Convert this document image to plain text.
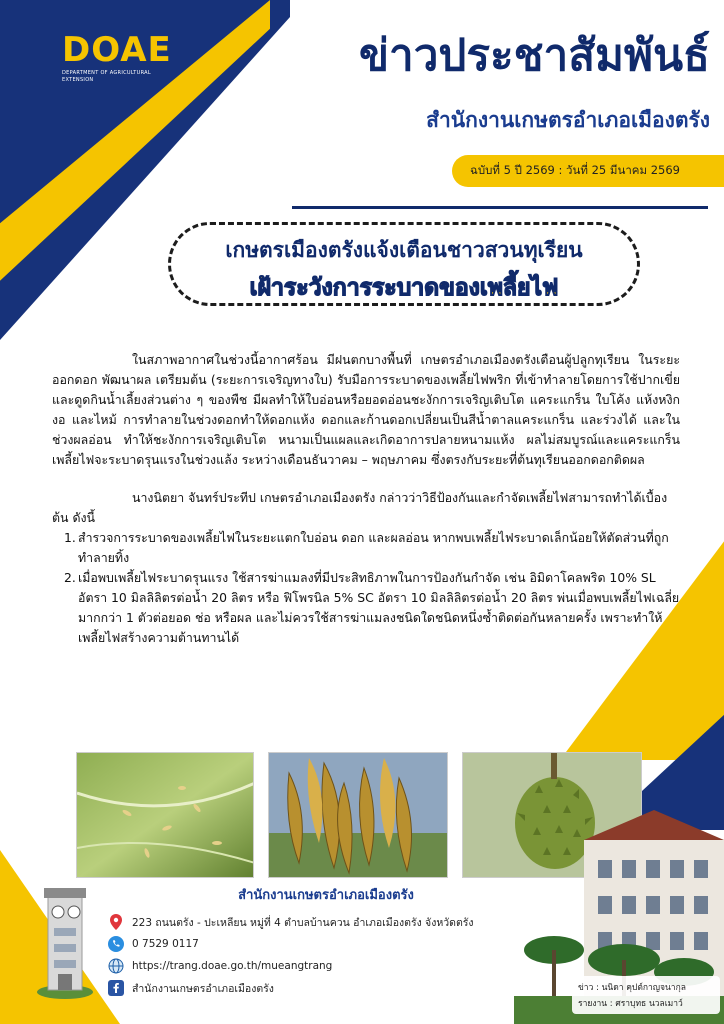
DOAE
DEPARTMENT OF AGRICULTURAL EXTENSION	ข่าวประชาสัมพันธ์
สำนักงานเกษตรอำเภอเมืองตรัง
ฉบับที่ 5 ปี 2569 : วันที่ 25 มีนาคม 2569
เกษตรเมืองตรังแจ้งเตือนชาวสวนทุเรียน
เฝ้าระวังการระบาดของเพลี้ยไฟ

ในสภาพอากาศในช่วงนี้อากาศร้อน มีฝนตกบางพื้นที่ เกษตรอำเภอเมืองตรังเตือนผู้ปลูกทุเรียน ในระยะ ออกดอก พัฒนาผล เตรียมต้น (ระยะการเจริญทางใบ) รับมือการระบาดของเพลี้ยไฟพริก ที่เข้าทำลายโดยการใช้ปากเขี่ยและดูดกินน้ำเลี้ยงส่วนต่าง ๆ ของพืช มีผลทำให้ใบอ่อนหรือยอดอ่อนชะงักการเจริญเติบโต แคระแกร็น ใบโค้ง แห้งหงิกงอ และไหม้ การทำลายในช่วงดอกทำให้ดอกแห้ง ดอกและก้านดอกเปลี่ยนเป็นสีน้ำตาลแคระแกร็น และร่วงได้ และในช่วงผลอ่อน ทำให้ชะงักการเจริญเติบโต หนามเป็นแผลและเกิดอาการปลายหนามแห้ง ผลไม่สมบูรณ์และแคระแกร็น เพลี้ยไฟจะระบาดรุนแรงในช่วงแล้ง ระหว่างเดือนธันวาคม – พฤษภาคม ซึ่งตรงกับระยะที่ต้นทุเรียนออกดอกติดผล

นางนิตยา จันทร์ประทีป เกษตรอำเภอเมืองตรัง กล่าวว่าวิธีป้องกันและกำจัดเพลี้ยไฟสามารถทำได้เบื้องต้น ดังนี้

1. สำรวจการระบาดของเพลี้ยไฟในระยะแตกใบอ่อน ดอก และผลอ่อน หากพบเพลี้ยไฟระบาดเล็กน้อยให้ตัดส่วนที่ถูกทำลายทิ้ง
2. เมื่อพบเพลี้ยไฟระบาดรุนแรง ใช้สารฆ่าแมลงที่มีประสิทธิภาพในการป้องกันกำจัด เช่น อิมิดาโคลพริด 10% SL อัตรา 10 มิลลิลิตรต่อน้ำ 20 ลิตร หรือ ฟิโพรนิล 5% SC อัตรา 10 มิลลิลิตรต่อน้ำ 20 ลิตร พ่นเมื่อพบเพลี้ยไฟเฉลี่ยมากกว่า 1 ตัวต่อยอด ช่อ หรือผล และไม่ควรใช้สารฆ่าแมลงชนิดใดชนิดหนึ่งซ้ำติดต่อกันหลายครั้ง เพราะทำให้เพลี้ยไฟสร้างความต้านทานได้
สำนักงานเกษตรอำเภอเมืองตรัง
223 ถนนตรัง - ปะเหลียน หมู่ที่ 4 ตำบลบ้านควน อำเภอเมืองตรัง จังหวัดตรัง
0 7529 0117
https://trang.doae.go.th/mueangtrang
สำนักงานเกษตรอำเภอเมืองตรัง	ข่าว : นนิดา คุปต์กาญจนากุล
รายงาน : ศราบุทธ นวลเมาว์
